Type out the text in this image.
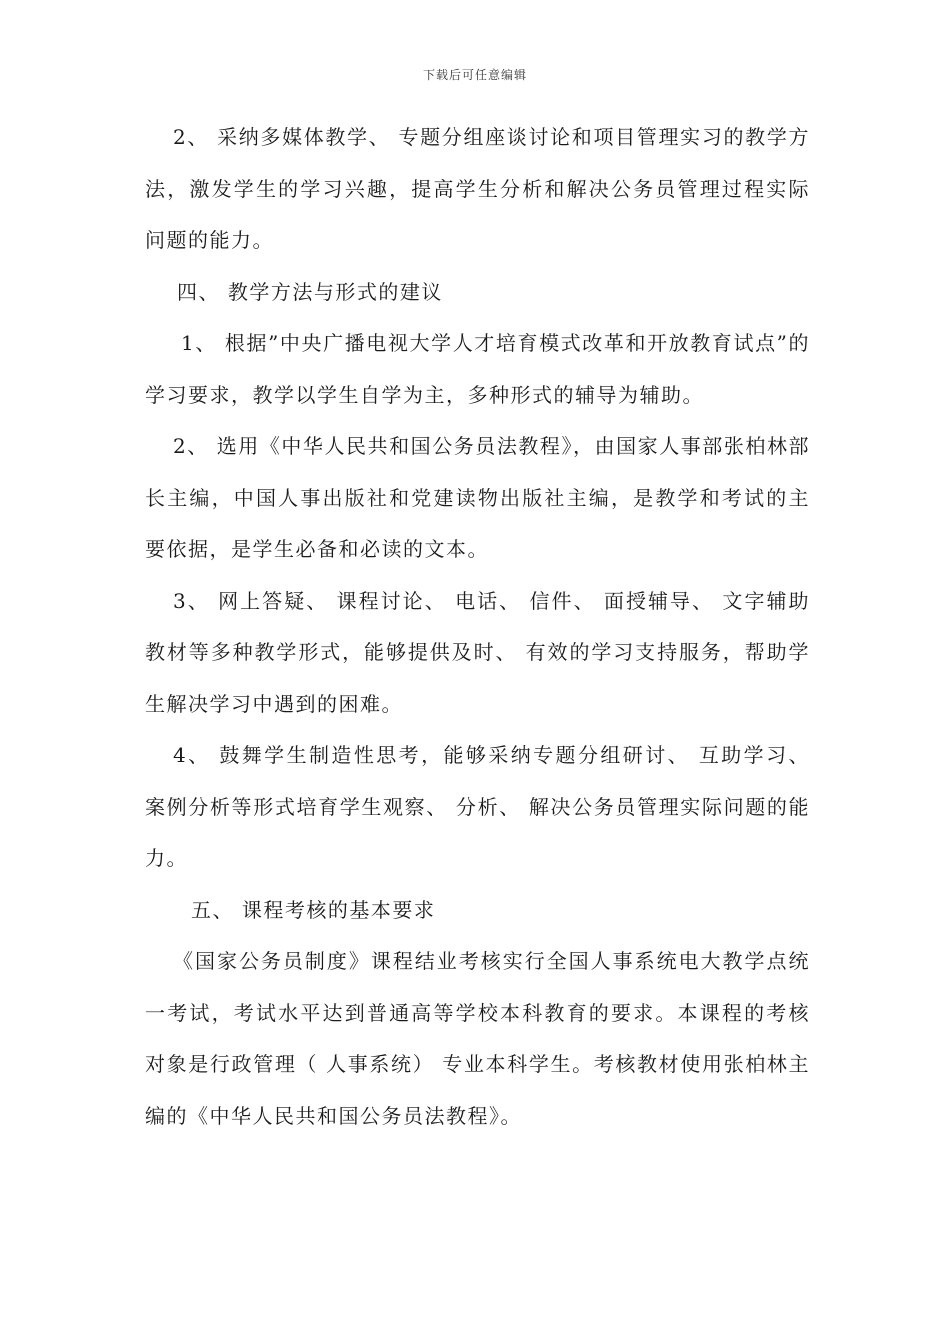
下载后可任意编辑

2、 采纳多媒体教学、 专题分组座谈讨论和项目管理实习的教学方法，激发学生的学习兴趣，提高学生分析和解决公务员管理过程实际问题的能力。

四、 教学方法与形式的建议

1、 根据”中央广播电视大学人才培育模式改革和开放教育试点”的学习要求，教学以学生自学为主，多种形式的辅导为辅助。

2、 选用《中华人民共和国公务员法教程》，由国家人事部张柏林部长主编，中国人事出版社和党建读物出版社主编，是教学和考试的主要依据，是学生必备和必读的文本。

3、 网上答疑、 课程讨论、 电话、 信件、 面授辅导、 文字辅助教材等多种教学形式，能够提供及时、 有效的学习支持服务，帮助学生解决学习中遇到的困难。

4、 鼓舞学生制造性思考，能够采纳专题分组研讨、 互助学习、 案例分析等形式培育学生观察、 分析、 解决公务员管理实际问题的能力。

五、 课程考核的基本要求

《国家公务员制度》课程结业考核实行全国人事系统电大教学点统一考试，考试水平达到普通高等学校本科教育的要求。本课程的考核对象是行政管理（ 人事系统） 专业本科学生。考核教材使用张柏林主编的《中华人民共和国公务员法教程》。
